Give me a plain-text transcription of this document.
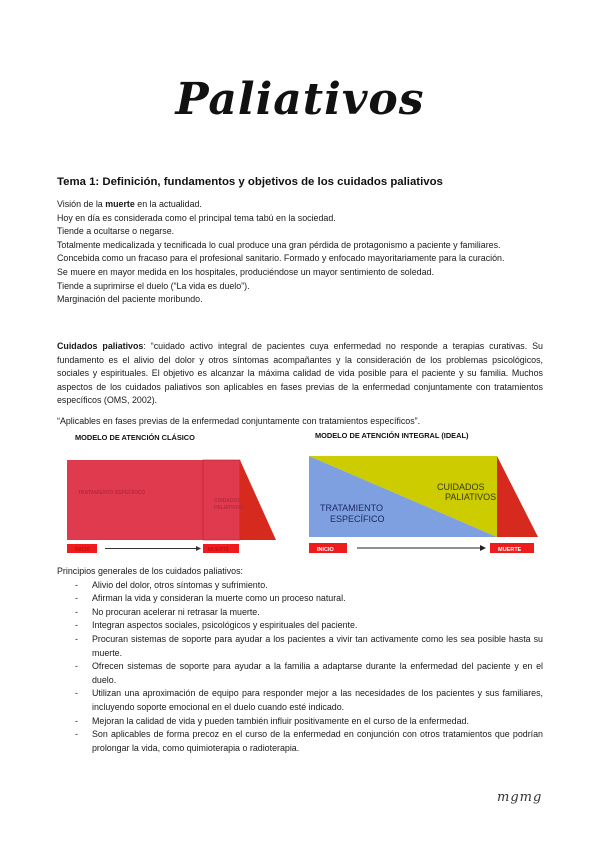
Paliativos
Tema 1: Definición, fundamentos y objetivos de los cuidados paliativos

Visión de la muerte en la actualidad.

Hoy en día es considerada como el principal tema tabú en la sociedad.

Tiende a ocultarse o negarse.

Totalmente medicalizada y tecnificada lo cual produce una gran pérdida de protagonismo a paciente y familiares.

Concebida como un fracaso para el profesional sanitario. Formado y enfocado mayoritariamente para la curación.

Se muere en mayor medida en los hospitales, produciéndose un mayor sentimiento de soledad.

Tiende a suprimirse el duelo (“La vida es duelo”).

Marginación del paciente moribundo.

Cuidados paliativos: “cuidado activo integral de pacientes cuya enfermedad no responde a terapias curativas. Su fundamento es el alivio del dolor y otros síntomas acompañantes y la consideración de los problemas psicológicos, sociales y espirituales. El objetivo es alcanzar la máxima calidad de vida posible para el paciente y su familia. Muchos aspectos de los cuidados paliativos son aplicables en fases previas de la enfermedad conjuntamente con tratamientos específicos (OMS, 2002).
“Aplicables en fases previas de la enfermedad conjuntamente con tratamientos específicos”.
MODELO DE ATENCIÓN CLÁSICO
TRATAMIENTO ESPECÍFICO
CUIDADOS
PALIATIVOS
INICIO	MUERTE
MODELO DE ATENCIÓN INTEGRAL (IDEAL)
TRATAMIENTO
ESPECÍFICO
CUIDADOS
PALIATIVOS
INICIO	MUERTE
Principios generales de los cuidados paliativos:
- Alivio del dolor, otros síntomas y sufrimiento.
- Afirman la vida y consideran la muerte como un proceso natural.
- No procuran acelerar ni retrasar la muerte.
- Integran aspectos sociales, psicológicos y espirituales del paciente.
- Procuran sistemas de soporte para ayudar a los pacientes a vivir tan activamente como les sea posible hasta su muerte.
- Ofrecen sistemas de soporte para ayudar a la familia a adaptarse durante la enfermedad del paciente y en el duelo.
- Utilizan una aproximación de equipo para responder mejor a las necesidades de los pacientes y sus familiares, incluyendo soporte emocional en el duelo cuando esté indicado.
- Mejoran la calidad de vida y pueden también influir positivamente en el curso de la enfermedad.
- Son aplicables de forma precoz en el curso de la enfermedad en conjunción con otros tratamientos que podrían prolongar la vida, como quimioterapia o radioterapia.
mgmg
